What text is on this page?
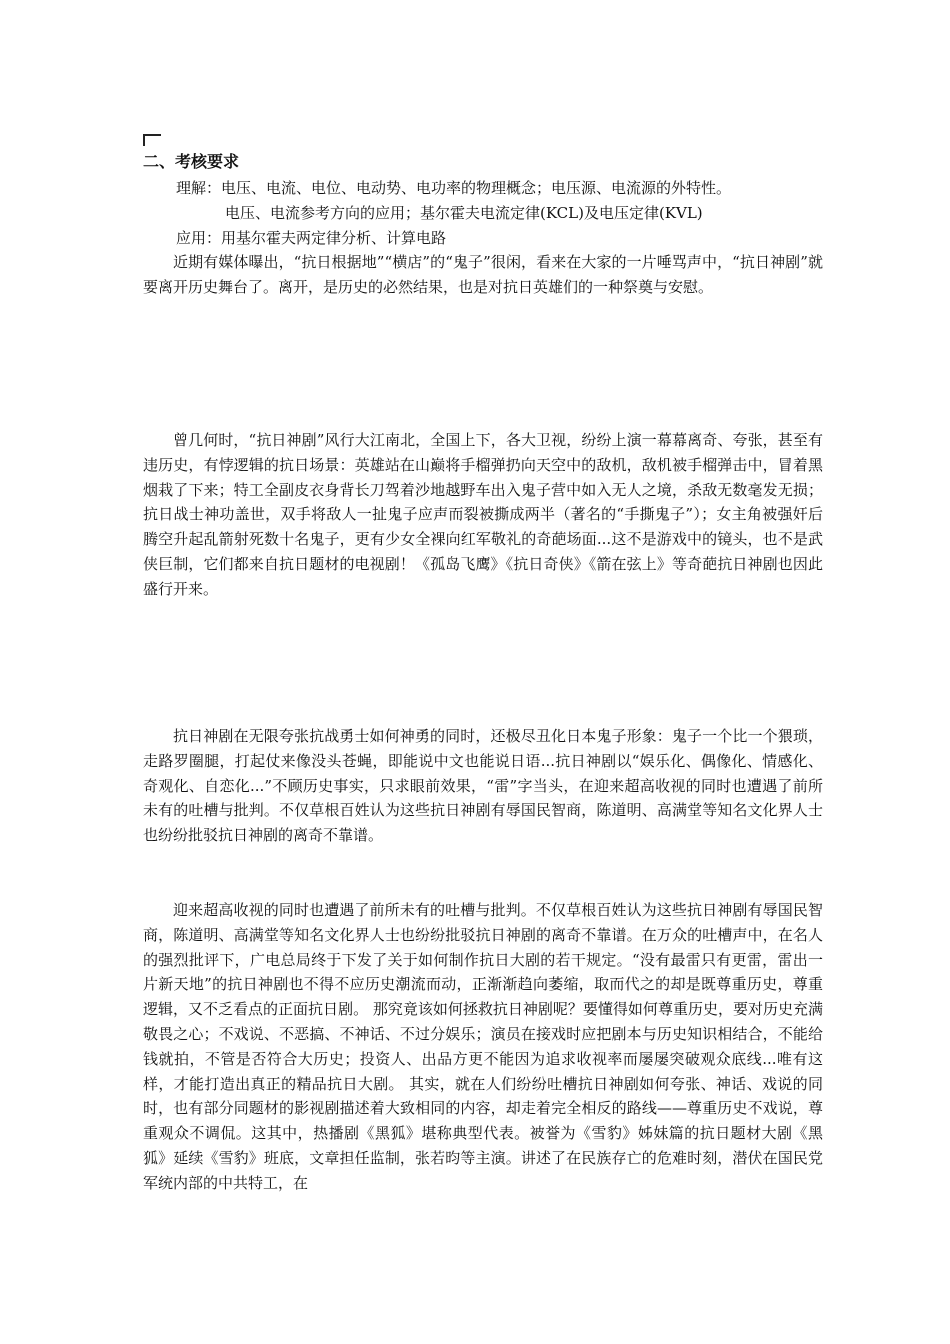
二、考核要求
理解：电压、电流、电位、电动势、电功率的物理概念；电压源、电流源的外特性。
电压、电流参考方向的应用；基尔霍夫电流定律(KCL)及电压定律(KVL)
应用：用基尔霍夫两定律分析、计算电路

近期有媒体曝出，“抗日根据地”“横店”的“鬼子”很闲，看来在大家的一片唾骂声中，“抗日神剧”就要离开历史舞台了。离开，是历史的必然结果，也是对抗日英雄们的一种祭奠与安慰。

曾几何时，“抗日神剧”风行大江南北，全国上下，各大卫视，纷纷上演一幕幕离奇、夸张，甚至有违历史，有悖逻辑的抗日场景：英雄站在山巅将手榴弹扔向天空中的敌机，敌机被手榴弹击中，冒着黑烟栽了下来；特工全副皮衣身背长刀驾着沙地越野车出入鬼子营中如入无人之境，杀敌无数毫发无损；抗日战士神功盖世，双手将敌人一扯鬼子应声而裂被撕成两半（著名的“手撕鬼子”）；女主角被强奸后腾空升起乱箭射死数十名鬼子，更有少女全裸向红军敬礼的奇葩场面...这不是游戏中的镜头，也不是武侠巨制，它们都来自抗日题材的电视剧！《孤岛飞鹰》《抗日奇侠》《箭在弦上》等奇葩抗日神剧也因此盛行开来。

抗日神剧在无限夸张抗战勇士如何神勇的同时，还极尽丑化日本鬼子形象：鬼子一个比一个猥琐，走路罗圈腿，打起仗来像没头苍蝇，即能说中文也能说日语...抗日神剧以“娱乐化、偶像化、情感化、奇观化、自恋化...”不顾历史事实，只求眼前效果，“雷”字当头，在迎来超高收视的同时也遭遇了前所未有的吐槽与批判。不仅草根百姓认为这些抗日神剧有辱国民智商，陈道明、高满堂等知名文化界人士也纷纷批驳抗日神剧的离奇不靠谱。

迎来超高收视的同时也遭遇了前所未有的吐槽与批判。不仅草根百姓认为这些抗日神剧有辱国民智商，陈道明、高满堂等知名文化界人士也纷纷批驳抗日神剧的离奇不靠谱。在万众的吐槽声中，在名人的强烈批评下，广电总局终于下发了关于如何制作抗日大剧的若干规定。“没有最雷只有更雷，雷出一片新天地”的抗日神剧也不得不应历史潮流而动，正渐渐趋向萎缩，取而代之的却是既尊重历史，尊重逻辑，又不乏看点的正面抗日剧。 那究竟该如何拯救抗日神剧呢？要懂得如何尊重历史，要对历史充满敬畏之心；不戏说、不恶搞、不神话、不过分娱乐；演员在接戏时应把剧本与历史知识相结合，不能给钱就拍，不管是否符合大历史；投资人、出品方更不能因为追求收视率而屡屡突破观众底线...唯有这样，才能打造出真正的精品抗日大剧。 其实，就在人们纷纷吐槽抗日神剧如何夸张、神话、戏说的同时，也有部分同题材的影视剧描述着大致相同的内容，却走着完全相反的路线——尊重历史不戏说，尊重观众不调侃。这其中，热播剧《黑狐》堪称典型代表。被誉为《雪豹》姊妹篇的抗日题材大剧《黑狐》延续《雪豹》班底，文章担任监制，张若昀等主演。讲述了在民族存亡的危难时刻，潜伏在国民党军统内部的中共特工，在
